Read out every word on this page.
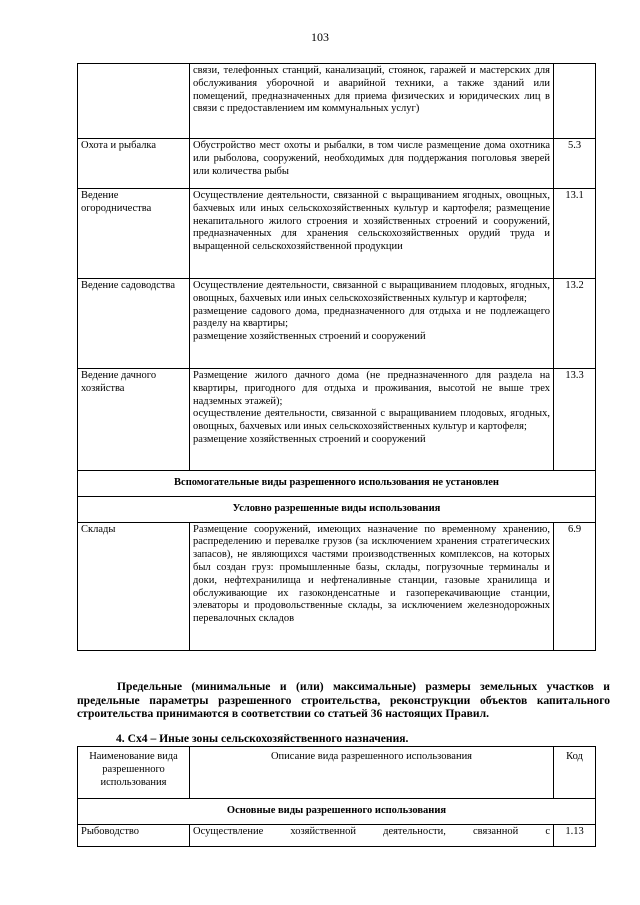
103

	связи, телефонных станций, канализаций, стоянок, гаражей и мастерских для обслуживания уборочной и аварийной техники, а также зданий или помещений, предназначенных для приема физических и юридических лиц в связи с предоставлением им коммунальных услуг)	

Охота и рыбалка	Обустройство мест охоты и рыбалки, в том числе размещение дома охотника или рыболова, сооружений, необходимых для поддержания поголовья зверей или количества рыбы	5.3
Ведение огородничества	Осуществление деятельности, связанной с выращиванием ягодных, овощных, бахчевых или иных сельскохозяйственных культур и картофеля; размещение некапитального жилого строения и хозяйственных строений и сооружений, предназначенных для хранения сельскохозяйственных орудий труда и выращенной сельскохозяйственной продукции	13.1
Ведение садоводства	Осуществление деятельности, связанной с выращиванием плодовых, ягодных, овощных, бахчевых или иных сельскохозяйственных культур и картофеля;
размещение садового дома, предназначенного для отдыха и не подлежащего разделу на квартиры;
размещение хозяйственных строений и сооружений	13.2
Ведение дачного хозяйства	Размещение жилого дачного дома (не предназначенного для раздела на квартиры, пригодного для отдыха и проживания, высотой не выше трех надземных этажей);
осуществление деятельности, связанной с выращиванием плодовых, ягодных, овощных, бахчевых или иных сельскохозяйственных культур и картофеля;
размещение хозяйственных строений и сооружений	13.3
Вспомогательные виды разрешенного использования не установлен		
Условно разрешенные виды использования		
Склады	Размещение сооружений, имеющих назначение по временному хранению, распределению и перевалке грузов (за исключением хранения стратегических запасов), не являющихся частями производственных комплексов, на которых был создан груз: промышленные базы, склады, погрузочные терминалы и доки, нефтехранилища и нефтеналивные станции, газовые хранилища и обслуживающие их газоконденсатные и газоперекачивающие станции, элеваторы и продовольственные склады, за исключением железнодорожных перевалочных складов	6.9
Предельные (минимальные и (или) максимальные) размеры земельных участков и предельные параметры разрешенного строительства, реконструкции объектов капитального строительства принимаются в соответствии со статьей 36 настоящих Правил.
4. Сх4 – Иные зоны сельскохозяйственного назначения.
Наименование вида разрешенного использования	Описание вида разрешенного использования	Код
Основные виды разрешенного использования		
Рыбоводство	Осуществление хозяйственной деятельности, связанной с	1.13
